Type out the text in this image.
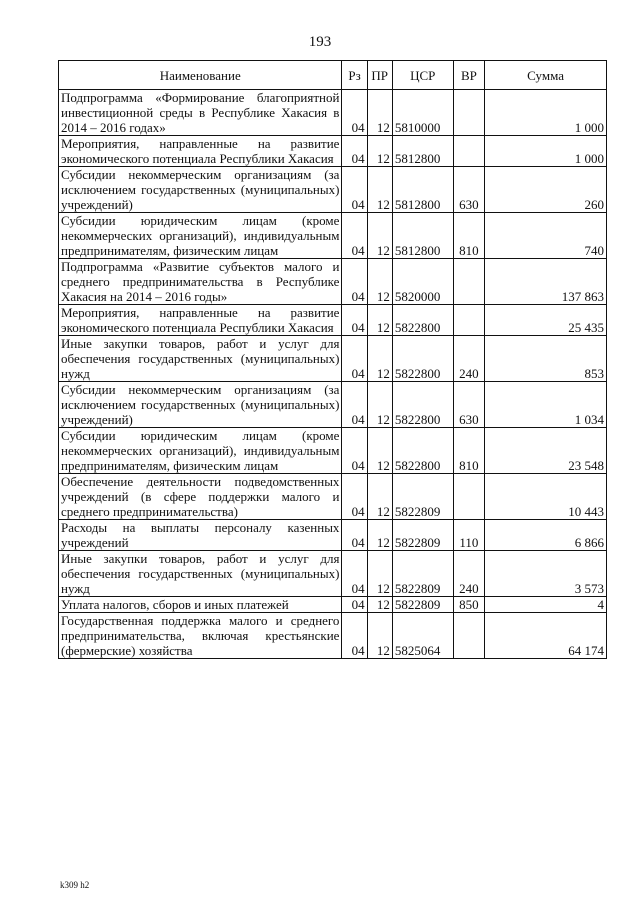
193
Наименование	Рз	ПР	ЦСР	ВР	Сумма
Подпрограмма «Формирование благоприятной инвестиционной среды в Республике Хакасия в 2014 – 2016 годах»	04	12	5810000		1 000
Мероприятия, направленные на развитие экономического потенциала Республики Хакасия	04	12	5812800		1 000
Субсидии некоммерческим организациям (за исключением государственных (муниципальных) учреждений)	04	12	5812800	630	260
Субсидии юридическим лицам (кроме некоммерческих организаций), индивидуальным предпринимателям, физическим лицам	04	12	5812800	810	740
Подпрограмма «Развитие субъектов малого и среднего предпринимательства в Республике Хакасия на 2014 – 2016 годы»	04	12	5820000		137 863
Мероприятия, направленные на развитие экономического потенциала Республики Хакасия	04	12	5822800		25 435
Иные закупки товаров, работ и услуг для обеспечения государственных (муниципальных) нужд	04	12	5822800	240	853
Субсидии некоммерческим организациям (за исключением государственных (муниципальных) учреждений)	04	12	5822800	630	1 034
Субсидии юридическим лицам (кроме некоммерческих организаций), индивидуальным предпринимателям, физическим лицам	04	12	5822800	810	23 548
Обеспечение деятельности подведомственных учреждений (в сфере поддержки малого и среднего предпринимательства)	04	12	5822809		10 443
Расходы на выплаты персоналу казенных учреждений	04	12	5822809	110	6 866
Иные закупки товаров, работ и услуг для обеспечения государственных (муниципальных) нужд	04	12	5822809	240	3 573
Уплата налогов, сборов и иных платежей	04	12	5822809	850	4
Государственная поддержка малого и среднего предпринимательства, включая крестьянские (фермерские) хозяйства	04	12	5825064		64 174
k309 h2
